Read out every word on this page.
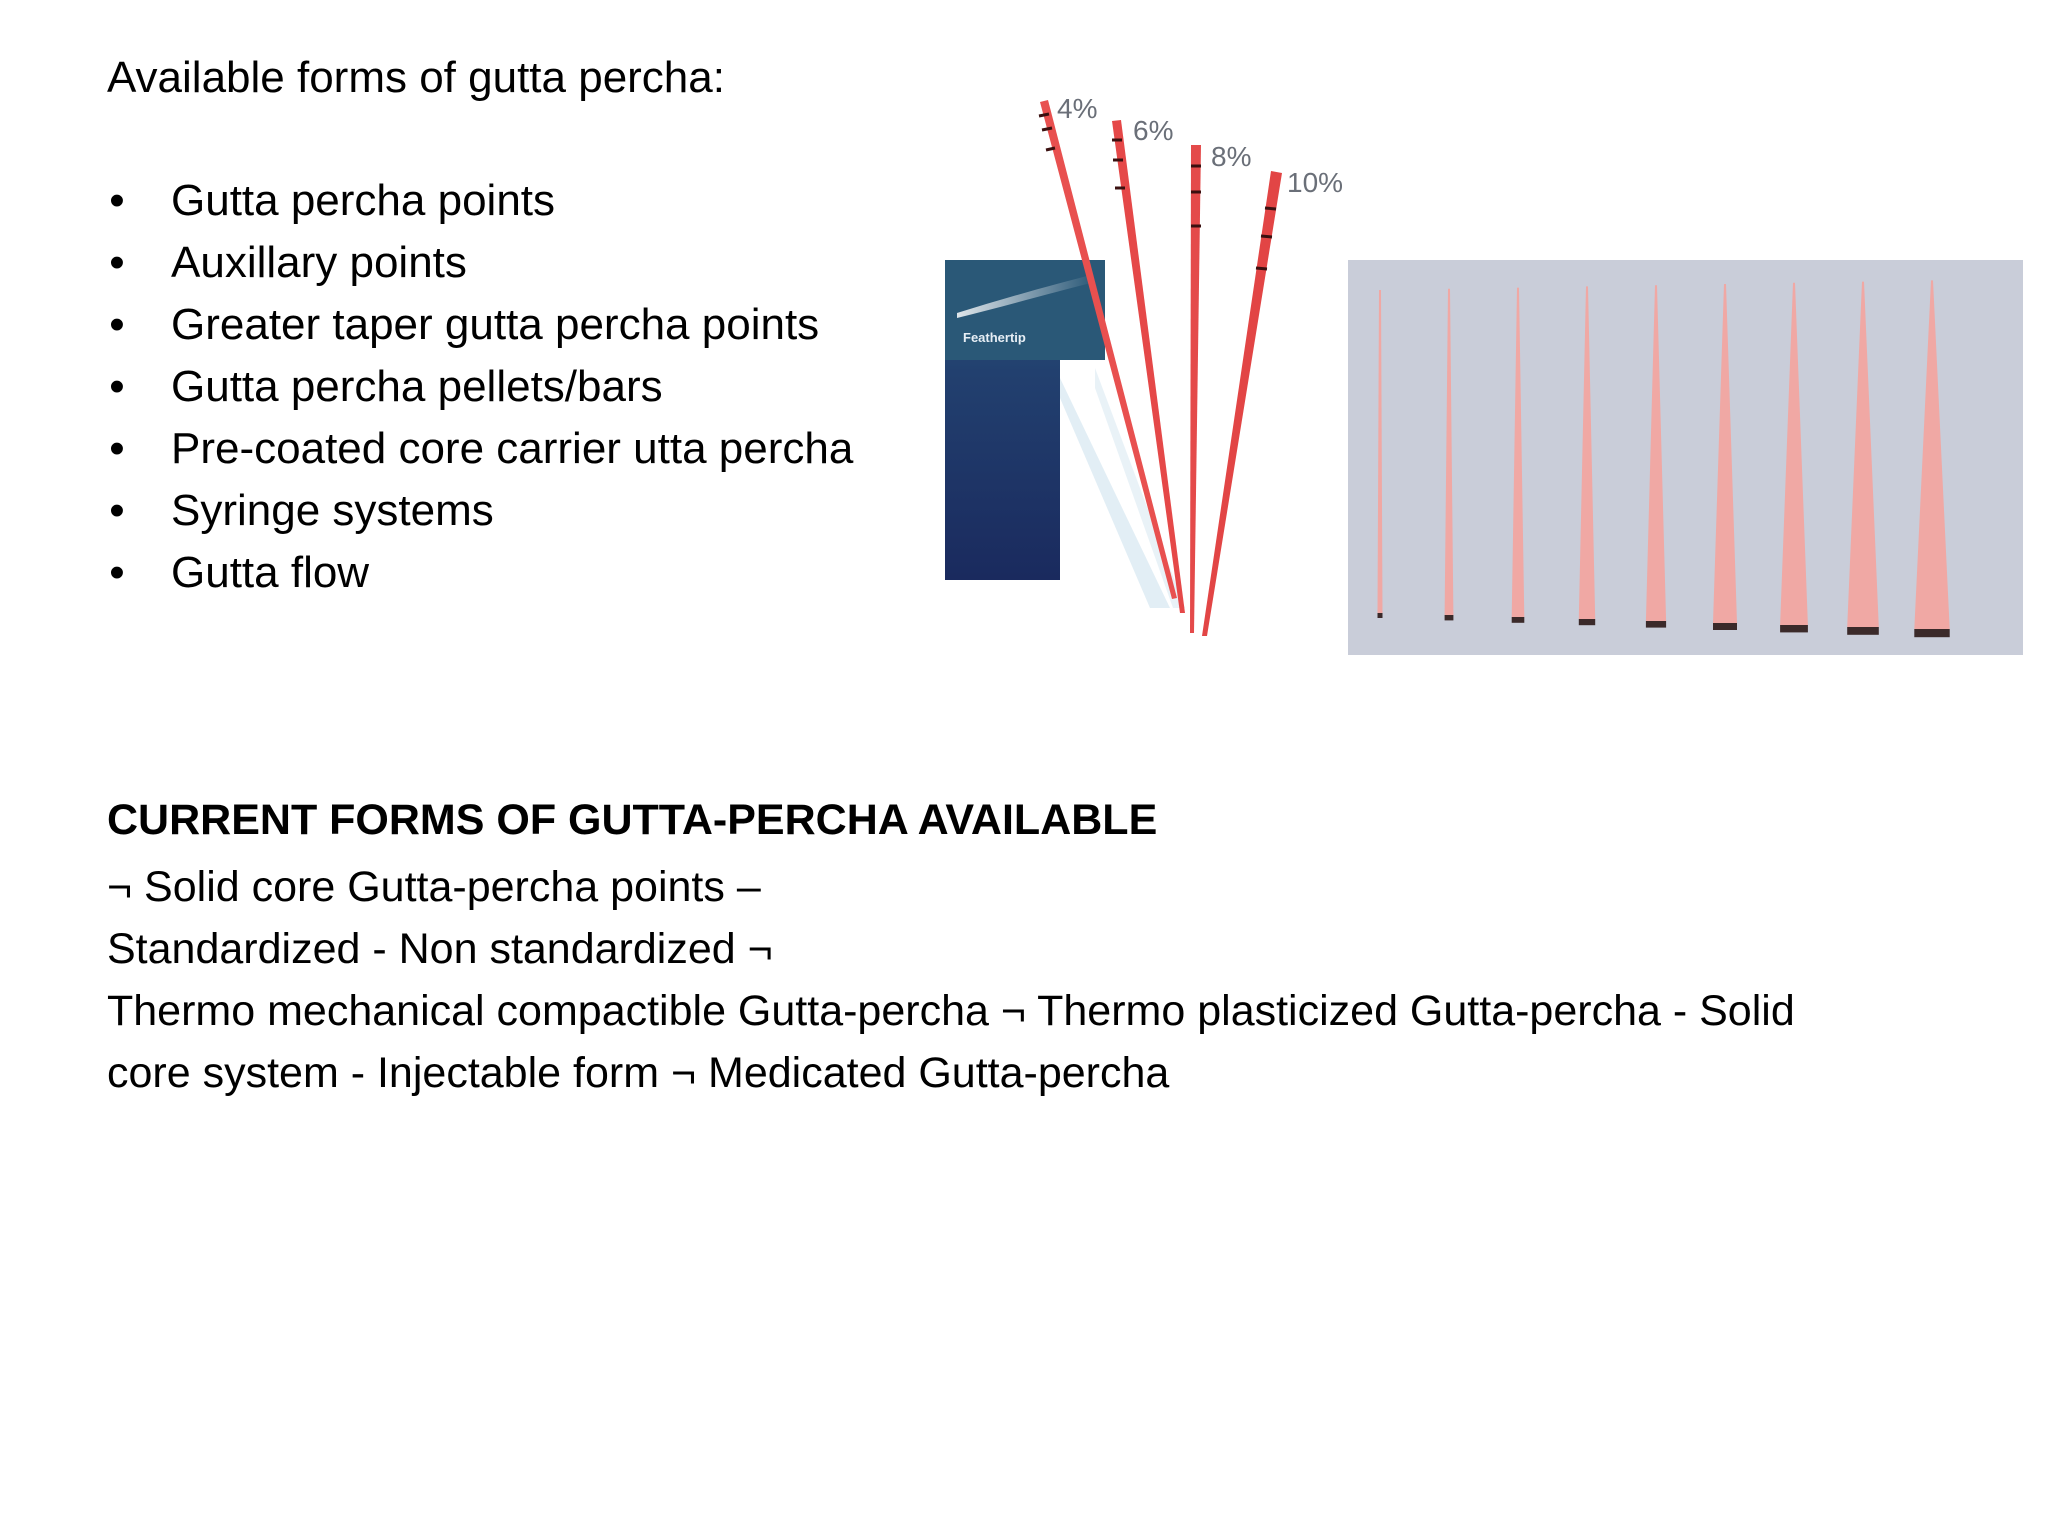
Available forms of gutta percha:
• Gutta percha points
• Auxillary points
• Greater taper gutta percha points
• Gutta percha pellets/bars
• Pre-coated core carrier utta percha
• Syringe systems
• Gutta flow
Feathertip
4%
6%
8%
10%
CURRENT FORMS OF GUTTA-PERCHA AVAILABLE

¬ Solid core Gutta-percha points –
Standardized - Non standardized ¬
Thermo mechanical compactible Gutta-percha ¬ Thermo plasticized Gutta-percha - Solid
core system - Injectable form ¬ Medicated Gutta-percha
